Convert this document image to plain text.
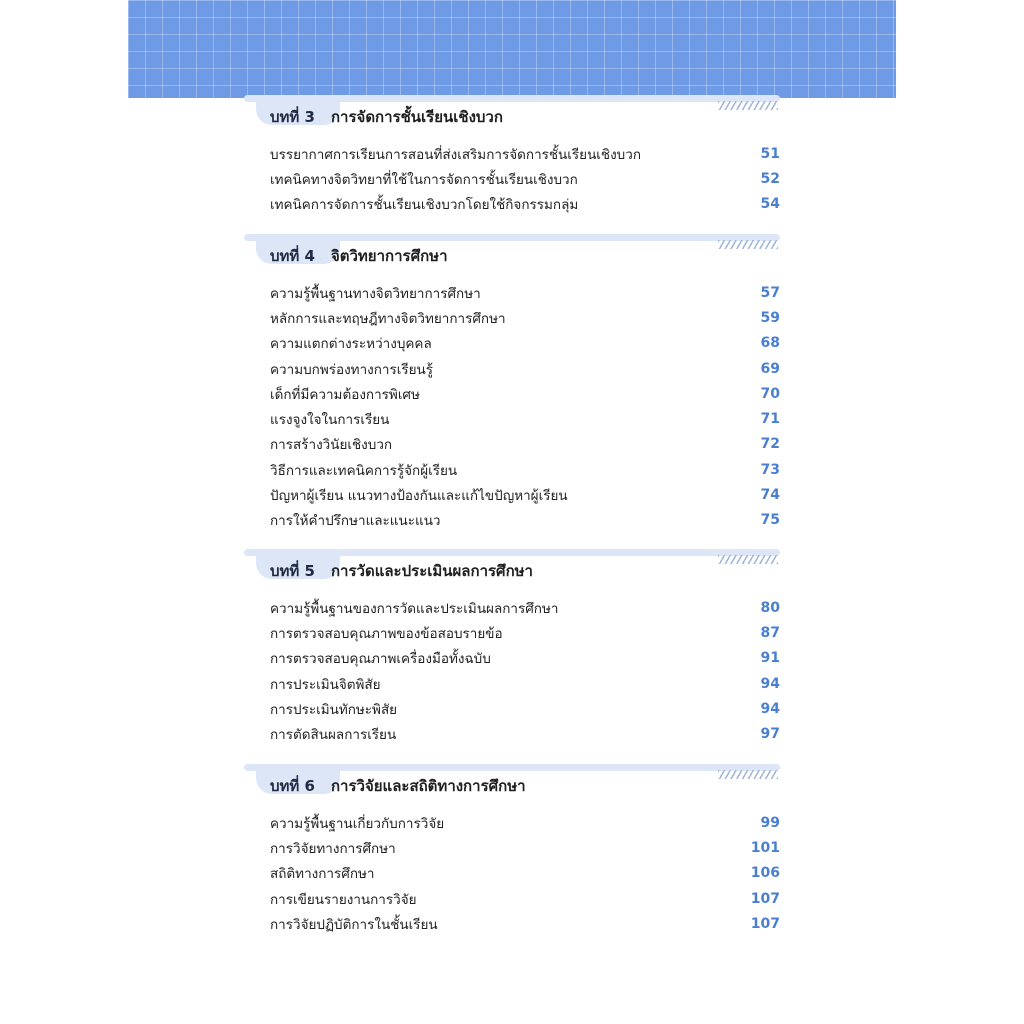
บทที่ 3 การจัดการชั้นเรียนเชิงบวก
บรรยากาศการเรียนการสอนที่ส่งเสริมการจัดการชั้นเรียนเชิงบวก	51
เทคนิคทางจิตวิทยาที่ใช้ในการจัดการชั้นเรียนเชิงบวก	52
เทคนิคการจัดการชั้นเรียนเชิงบวกโดยใช้กิจกรรมกลุ่ม	54
บทที่ 4 จิตวิทยาการศึกษา
ความรู้พื้นฐานทางจิตวิทยาการศึกษา	57
หลักการและทฤษฎีทางจิตวิทยาการศึกษา	59
ความแตกต่างระหว่างบุคคล	68
ความบกพร่องทางการเรียนรู้	69
เด็กที่มีความต้องการพิเศษ	70
แรงจูงใจในการเรียน	71
การสร้างวินัยเชิงบวก	72
วิธีการและเทคนิคการรู้จักผู้เรียน	73
ปัญหาผู้เรียน แนวทางป้องกันและแก้ไขปัญหาผู้เรียน	74
การให้คำปรึกษาและแนะแนว	75
บทที่ 5 การวัดและประเมินผลการศึกษา
ความรู้พื้นฐานของการวัดและประเมินผลการศึกษา	80
การตรวจสอบคุณภาพของข้อสอบรายข้อ	87
การตรวจสอบคุณภาพเครื่องมือทั้งฉบับ	91
การประเมินจิตพิสัย	94
การประเมินทักษะพิสัย	94
การตัดสินผลการเรียน	97
บทที่ 6 การวิจัยและสถิติทางการศึกษา
ความรู้พื้นฐานเกี่ยวกับการวิจัย	99
การวิจัยทางการศึกษา	101
สถิติทางการศึกษา	106
การเขียนรายงานการวิจัย	107
การวิจัยปฏิบัติการในชั้นเรียน	107
